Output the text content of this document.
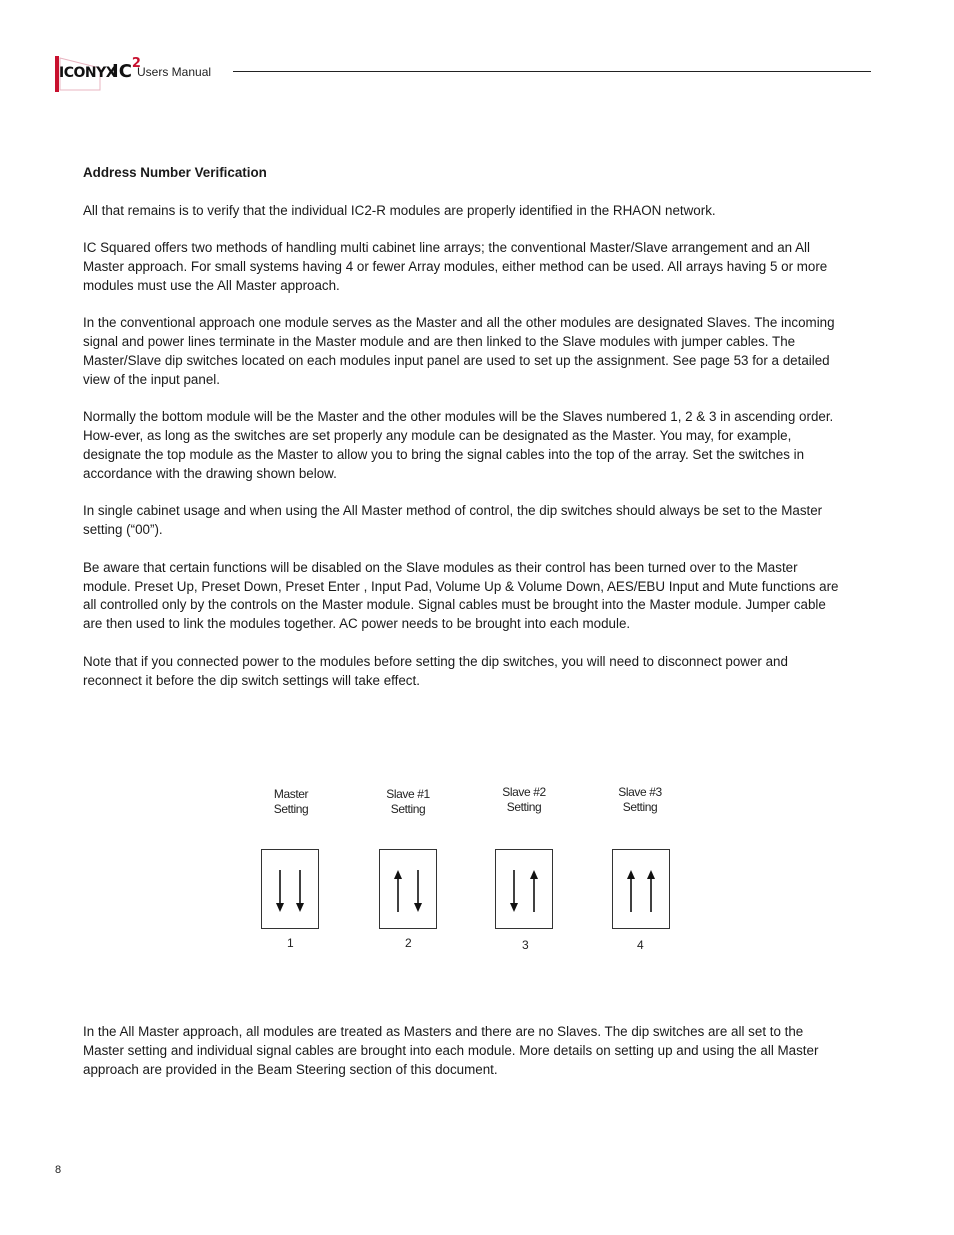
ICONYX
$IC^2$
Users Manual
Address Number Verification

All that remains is to verify that the individual IC2-R modules are properly identified in the RHAON network.

IC Squared offers two methods of handling multi cabinet line arrays; the conventional Master/Slave arrangement and an All Master approach. For small systems having 4 or fewer Array modules, either method can be used. All arrays having 5 or more modules must use the All Master approach.

In the conventional approach one module serves as the Master and all the other modules are designated Slaves. The incoming signal and power lines terminate in the Master module and are then linked to the Slave modules with jumper cables. The Master/Slave dip switches located on each modules input panel are used to set up the assignment. See page 53 for a detailed view of the input panel.

Normally the bottom module will be the Master and the other modules will be the Slaves numbered 1, 2 & 3 in ascending order. How-ever, as long as the switches are set properly any module can be designated as the Master. You may, for example, designate the top module as the Master to allow you to bring the signal cables into the top of the array. Set the switches in accordance with the drawing shown below.

In single cabinet usage and when using the All Master method of control, the dip switches should always be set to the Master setting (“00”).

Be aware that certain functions will be disabled on the Slave modules as their control has been turned over to the Master module. Preset Up, Preset Down, Preset Enter , Input Pad, Volume Up & Volume Down, AES/EBU Input and Mute functions are all controlled only by the controls on the Master module. Signal cables must be brought into the Master module. Jumper cable are then used to link the modules together. AC power needs to be brought into each module.

Note that if you connected power to the modules before setting the dip switches, you will need to disconnect power and reconnect it before the dip switch settings will take effect.

Master
Setting
1
Slave #1
Setting
2
Slave #2
Setting
3
Slave #3
Setting
4

In the All Master approach, all modules are treated as Masters and there are no Slaves. The dip switches are all set to the Master setting and individual signal cables are brought into each module. More details on setting up and using the all Master approach are provided in the Beam Steering section of this document.

8
